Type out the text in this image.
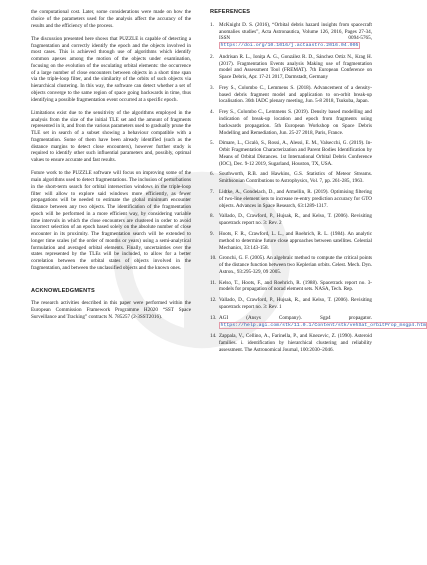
the computational cost. Later, some considerations were made on how the choice of the parameters used for the analysis affect the accuracy of the results and the efficiency of the process.

The discussion presented here shows that PUZZLE is capable of detecting a fragmentation and correctly identify the epoch and the objects involved in most cases. This is achieved through use of algorithms which identify common apexes among the motion of the objects under examination, focusing on the evolution of the osculating orbital elements: the occurrence of a large number of close encounters between objects in a short time span via the triple-loop filter, and the similarity of the orbits of such objects via hierarchical clustering. In this way, the software can detect whether a set of objects converge to the same region of space going backwards in time, thus identifying a possible fragmentation event occurred at a specific epoch.

Limitations exist due to the sensitivity of the algorithms employed in the analysis from the size of the initial TLE set and the amount of fragments represented in it, and from the various parameters used to gradually prune the TLE set in search of a subset showing a behaviour compatible with a fragmentation. Some of them have been already identified (such as the distance margins to detect close encounters), however further study is required to identify other such influential parameters and, possibly, optimal values to ensure accurate and fast results.

Future work to the PUZZLE software will focus on improving some of the main algorithms used to detect fragmentations. The inclusion of perturbations in the short-term search for orbital intersection windows in the triple-loop filter will allow to explore said windows more efficiently, as fewer propagations will be needed to estimate the global minimum encounter distance between any two objects. The identification of the fragmentation epoch will be performed in a more efficient way, by considering variable time intervals in which the close encounters are clustered in order to avoid incorrect selection of an epoch based solely on the absolute number of close encounter in its proximity. The fragmentation search will be extended to longer time scales (of the order of months or years) using a semi-analytical formulation and averaged orbital elements. Finally, uncertainties over the states represented by the TLEs will be included, to allow for a better correlation between the orbital states of objects involved in the fragmentation, and between the unclassified objects and the known ones.

ACKNOWLEDGMENTS

The research activities described in this paper were performed within the European Commission Framework Programme H2020 “SST Space Surveillance and Tracking” contracts N. 785257 (2-3SST2016).

REFERENCES
1. McKnight D. S. (2016), “Orbital debris hazard insights from spacecraft anomalies studies”, Acta Astronautica, Volume 126, 2016, Pages 27-34, ISSN 0094-5765, https://doi.org/10.1016/j.actaastro.2016.04.005
2. Andrisan R. L., Ioniţa A. G., González R. D., Sánchez Ortiz N., Krag H. (2017). Fragmentation Events analysis Making use of fragmentation model and Assessment Tool (FREMAT). 7th European Conference on Space Debris, Apr. 17-21 2017, Darmstadt, Germany
3. Frey S., Colombo C., Lemmens S. (2018). Advancement of a density-based debris fragment model and application to on-orbit break-up localisation. 36th IADC plenary meeting, Jun. 5-8 2018, Tsukuba, Japan.
4. Frey S., Colombo C., Lemmens S. (2019). Density based modelling and indication of break-up location and epoch from fragments using backwards propagation. 5th European Workshop on Space Debris Modelling and Remediation, Jun. 25-27 2018, Paris, France.
5. Dimare, L., Cicalò, S., Rossi, A., Alessi, E. M., Valsecchi, G. (2019). In-Orbit Fragmentation Characterization and Parent Bodies Identification by Means of Orbital Distances. 1st International Orbital Debris Conference (IOC), Dec. 9-12 2019, Sugarland, Houston, TX, USA.
6. Southworth, R.B. and Hawkins, G.S. Statistics of Meteor Streams. Smithsonian Contributions to Astrophysics, Vol. 7, pp. 261-285, 1963.
7. Lidtke, A., Gondelach, D., and Armellin, R. (2019). Optimising filtering of two-line element sets to increase re-entry prediction accuracy for GTO objects. Advances in Space Research, 63:1289-1317.
8. Vallado, D., Crawford, P., Hujsak, R., and Kelso, T. (2006). Revisiting spacetrack report no. 3: Rev. 2
9. Hoots, F. R., Crawford, L. L., and Roehrich, R. L. (1984). An analytic method to determine future close approaches between satellites. Celestial Mechanics, 33:143-158.
10. Gronchi, G. F. (2005). An algebraic method to compute the critical points of the distance function between two Keplerian orbits. Celest. Mech. Dyn. Astron., 93:295-329, 09 2005.
11. Kelso, T., Hoots, F., and Roehrich, R. (1988). Spacetrack report no. 3-models for propagation of norad element sets. NASA, Tech. Rep.
12. Vallado, D., Crawford, P., Hujsak, R., and Kelso, T. (2006). Revisiting spacetrack report no. 3: Rev. 1
13. AGI (Ansys Company). Sgp4 propagator. https://help.agi.com/stk/11.0.1/Content/stk/vehSat_orbitProp_msgp4.htm
14. Zappala, V., Cellino, A., Farinella, P., and Knezevic, Z. (1990). Asteroid families. i. identification by hierarchical clustering and reliability assessment. The Astronomical Journal, 100:2030–2046.
